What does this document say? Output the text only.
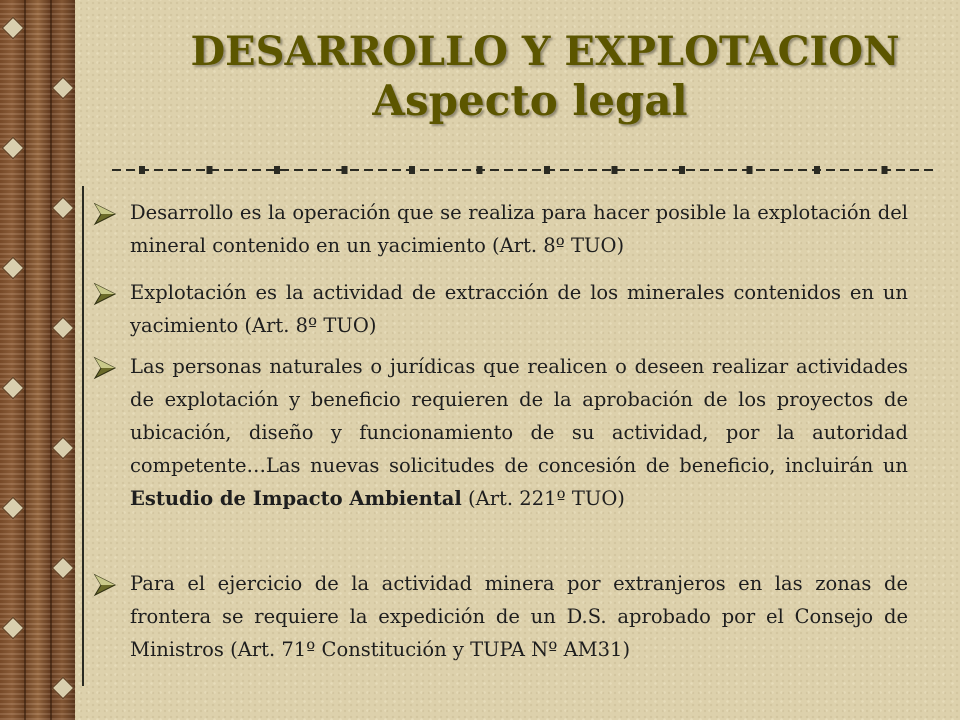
DESARROLLO Y EXPLOTACION
Aspecto legal
Desarrollo es la operación que se realiza para hacer posible la explotación del mineral contenido en un yacimiento (Art. 8º TUO)
Explotación es la actividad de extracción de los minerales contenidos en un yacimiento (Art. 8º TUO)
Las personas naturales o jurídicas que realicen o deseen realizar actividades de explotación y beneficio requieren de la aprobación de los proyectos de ubicación, diseño y funcionamiento de su actividad, por la autoridad competente…Las nuevas solicitudes de concesión de beneficio, incluirán un Estudio de Impacto Ambiental (Art. 221º TUO)
Para el ejercicio de la actividad minera por extranjeros en las zonas de frontera se requiere la expedición de un D.S. aprobado por el Consejo de Ministros (Art. 71º Constitución y TUPA Nº AM31)
